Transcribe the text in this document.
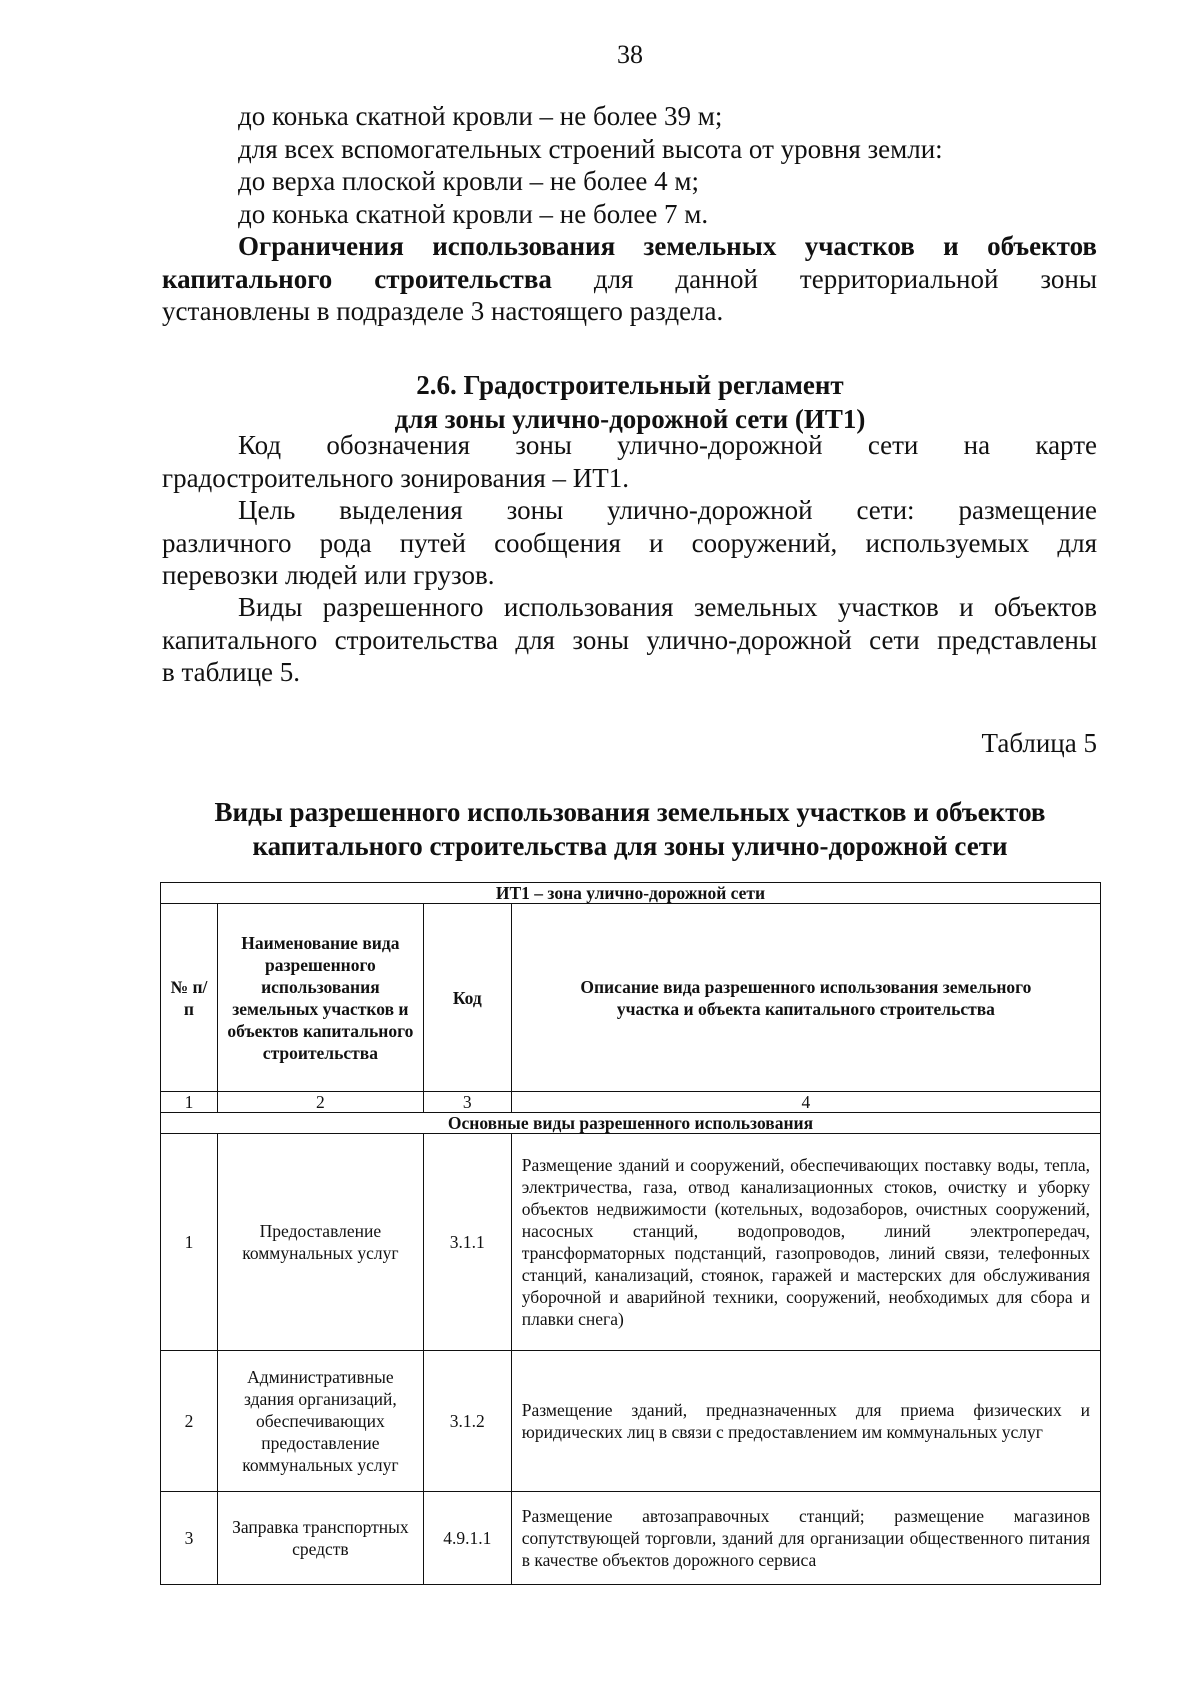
38

до конька скатной кровли – не более 39 м;

для всех вспомогательных строений высота от уровня земли:

до верха плоской кровли – не более 4 м;

до конька скатной кровли – не более 7 м.

Ограничения использования земельных участков и объектов

капитального строительства для данной территориальной зоны

установлены в подразделе 3 настоящего раздела.

2.6. Градостроительный регламент
для зоны улично-дорожной сети (ИТ1)

Код обозначения зоны улично-дорожной сети на карте

градостроительного зонирования – ИТ1.

Цель выделения зоны улично-дорожной сети: размещение

различного рода путей сообщения и сооружений, используемых для

перевозки людей или грузов.

Виды разрешенного использования земельных участков и объектов

капитального строительства для зоны улично-дорожной сети представлены

в таблице 5.

Таблица 5
Виды разрешенного использования земельных участков и объектов
капитального строительства для зоны улично-дорожной сети
ИТ1 – зона улично-дорожной сети			
№ п/п	Наименование вида разрешенного использования земельных участков и объектов капитального строительства	Код	Описание вида разрешенного использования земельного участка и объекта капитального строительства
1	2	3	4
Основные виды разрешенного использования			
1	Предоставление коммунальных услуг	3.1.1	Размещение зданий и сооружений, обеспечивающих поставку воды, тепла, электричества, газа, отвод канализационных стоков, очистку и уборку объектов недвижимости (котельных, водозаборов, очистных сооружений, насосных станций, водопроводов, линий электропередач, трансформаторных подстанций, газопроводов, линий связи, телефонных станций, канализаций, стоянок, гаражей и мастерских для обслуживания уборочной и аварийной техники, сооружений, необходимых для сбора и плавки снега)
2	Административные здания организаций, обеспечивающих предоставление коммунальных услуг	3.1.2	Размещение зданий, предназначенных для приема физических и юридических лиц в связи с предоставлением им коммунальных услуг
3	Заправка транспортных средств	4.9.1.1	Размещение автозаправочных станций; размещение магазинов сопутствующей торговли, зданий для организации общественного питания в качестве объектов дорожного сервиса
